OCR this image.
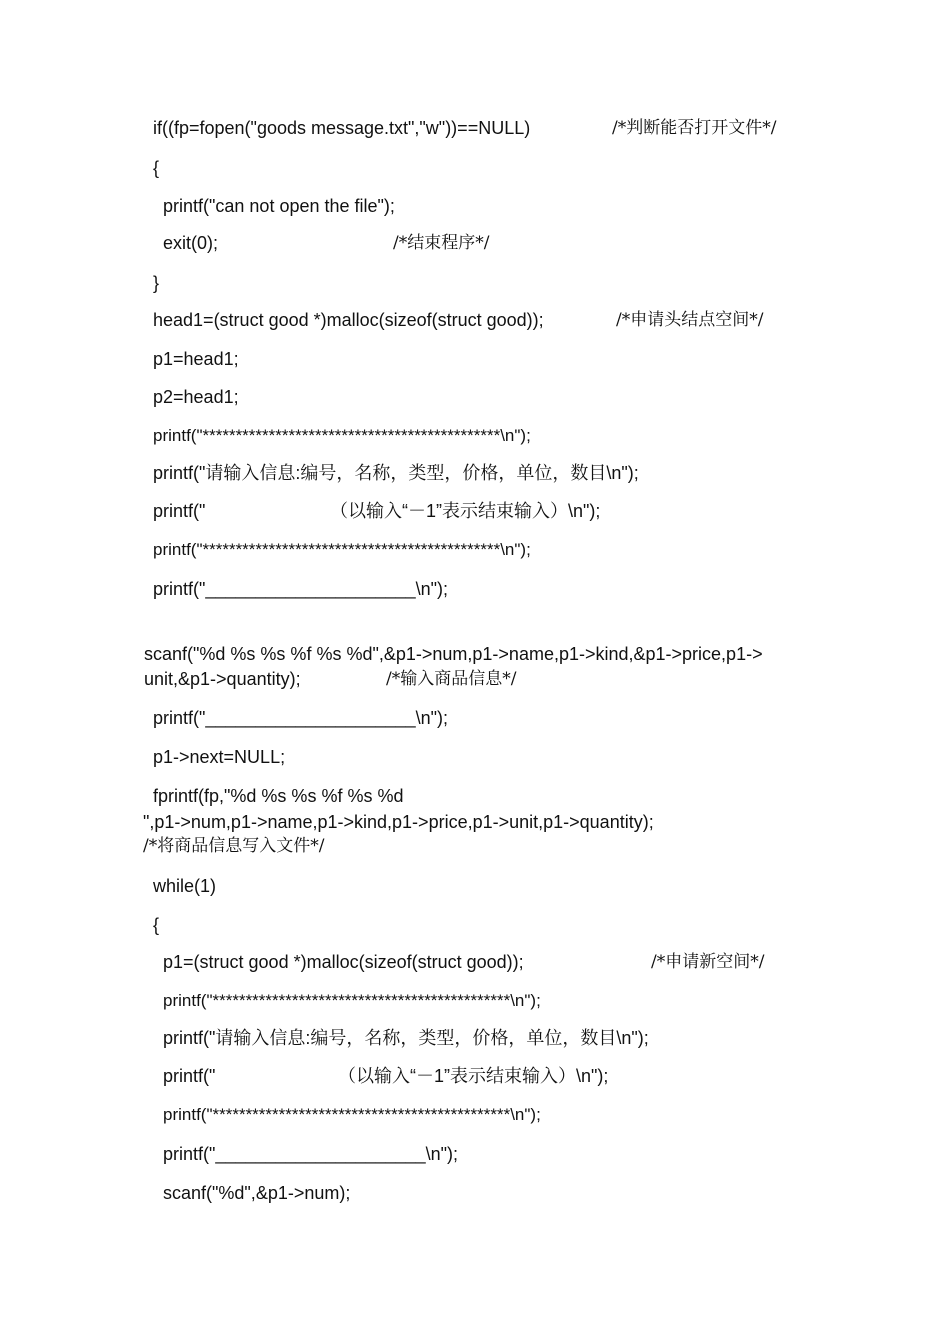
if((fp=fopen("goods message.txt","w"))==NULL)	/*判断能否打开文件*/
{
printf("can not open the file");
exit(0);	/*结束程序*/
}
head1=(struct good *)malloc(sizeof(struct good));	/*申请头结点空间*/
p1=head1;
p2=head1;
printf("*********************************************\n");
printf("请输入信息:编号，名称，类型，价格，单位，数目\n");
printf("	（以输入“－1”表示结束输入）\n");
printf("*********************************************\n");
printf("_____________________\n");
scanf("%d %s %s %f %s %d",&p1->num,p1->name,p1->kind,&p1->price,p1->
unit,&p1->quantity);	/*输入商品信息*/
printf("_____________________\n");
p1->next=NULL;
fprintf(fp,"%d %s %s %f %s %d
",p1->num,p1->name,p1->kind,p1->price,p1->unit,p1->quantity);
/*将商品信息写入文件*/
while(1)
{
p1=(struct good *)malloc(sizeof(struct good));	/*申请新空间*/
printf("*********************************************\n");
printf("请输入信息:编号，名称，类型，价格，单位，数目\n");
printf("	（以输入“－1”表示结束输入）\n");
printf("*********************************************\n");
printf("_____________________\n");
scanf("%d",&p1->num);
